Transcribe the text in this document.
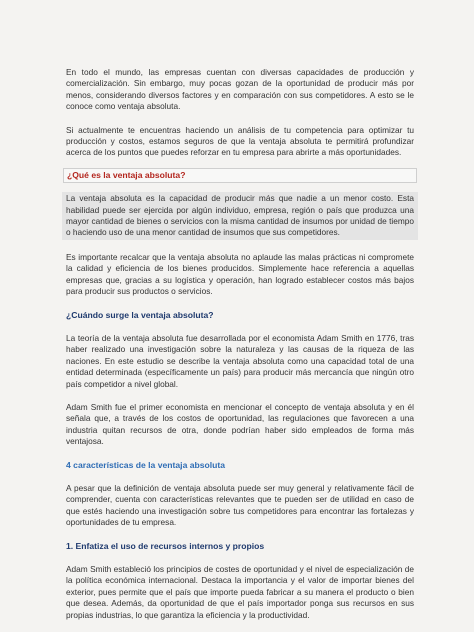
En todo el mundo, las empresas cuentan con diversas capacidades de producción y comercialización. Sin embargo, muy pocas gozan de la oportunidad de producir más por menos, considerando diversos factores y en comparación con sus competidores. A esto se le conoce como ventaja absoluta.

Si actualmente te encuentras haciendo un análisis de tu competencia para optimizar tu producción y costos, estamos seguros de que la ventaja absoluta te permitirá profundizar acerca de los puntos que puedes reforzar en tu empresa para abrirte a más oportunidades.

¿Qué es la ventaja absoluta?

La ventaja absoluta es la capacidad de producir más que nadie a un menor costo. Esta habilidad puede ser ejercida por algún individuo, empresa, región o país que produzca una mayor cantidad de bienes o servicios con la misma cantidad de insumos por unidad de tiempo o haciendo uso de una menor cantidad de insumos que sus competidores.

Es importante recalcar que la ventaja absoluta no aplaude las malas prácticas ni compromete la calidad y eficiencia de los bienes producidos. Simplemente hace referencia a aquellas empresas que, gracias a su logística y operación, han logrado establecer costos más bajos para producir sus productos o servicios.

¿Cuándo surge la ventaja absoluta?

La teoría de la ventaja absoluta fue desarrollada por el economista Adam Smith en 1776, tras haber realizado una investigación sobre la naturaleza y las causas de la riqueza de las naciones. En este estudio se describe la ventaja absoluta como una capacidad total de una entidad determinada (específicamente un país) para producir más mercancía que ningún otro país competidor a nivel global.

Adam Smith fue el primer economista en mencionar el concepto de ventaja absoluta y en él señala que, a través de los costos de oportunidad, las regulaciones que favorecen a una industria quitan recursos de otra, donde podrían haber sido empleados de forma más ventajosa.

4 características de la ventaja absoluta

A pesar que la definición de ventaja absoluta puede ser muy general y relativamente fácil de comprender, cuenta con características relevantes que te pueden ser de utilidad en caso de que estés haciendo una investigación sobre tus competidores para encontrar las fortalezas y oportunidades de tu empresa.

1. Enfatiza el uso de recursos internos y propios

Adam Smith estableció los principios de costes de oportunidad y el nivel de especialización de la política económica internacional. Destaca la importancia y el valor de importar bienes del exterior, pues permite que el país que importe pueda fabricar a su manera el producto o bien que desea. Además, da oportunidad de que el país importador ponga sus recursos en sus propias industrias, lo que garantiza la eficiencia y la productividad.
